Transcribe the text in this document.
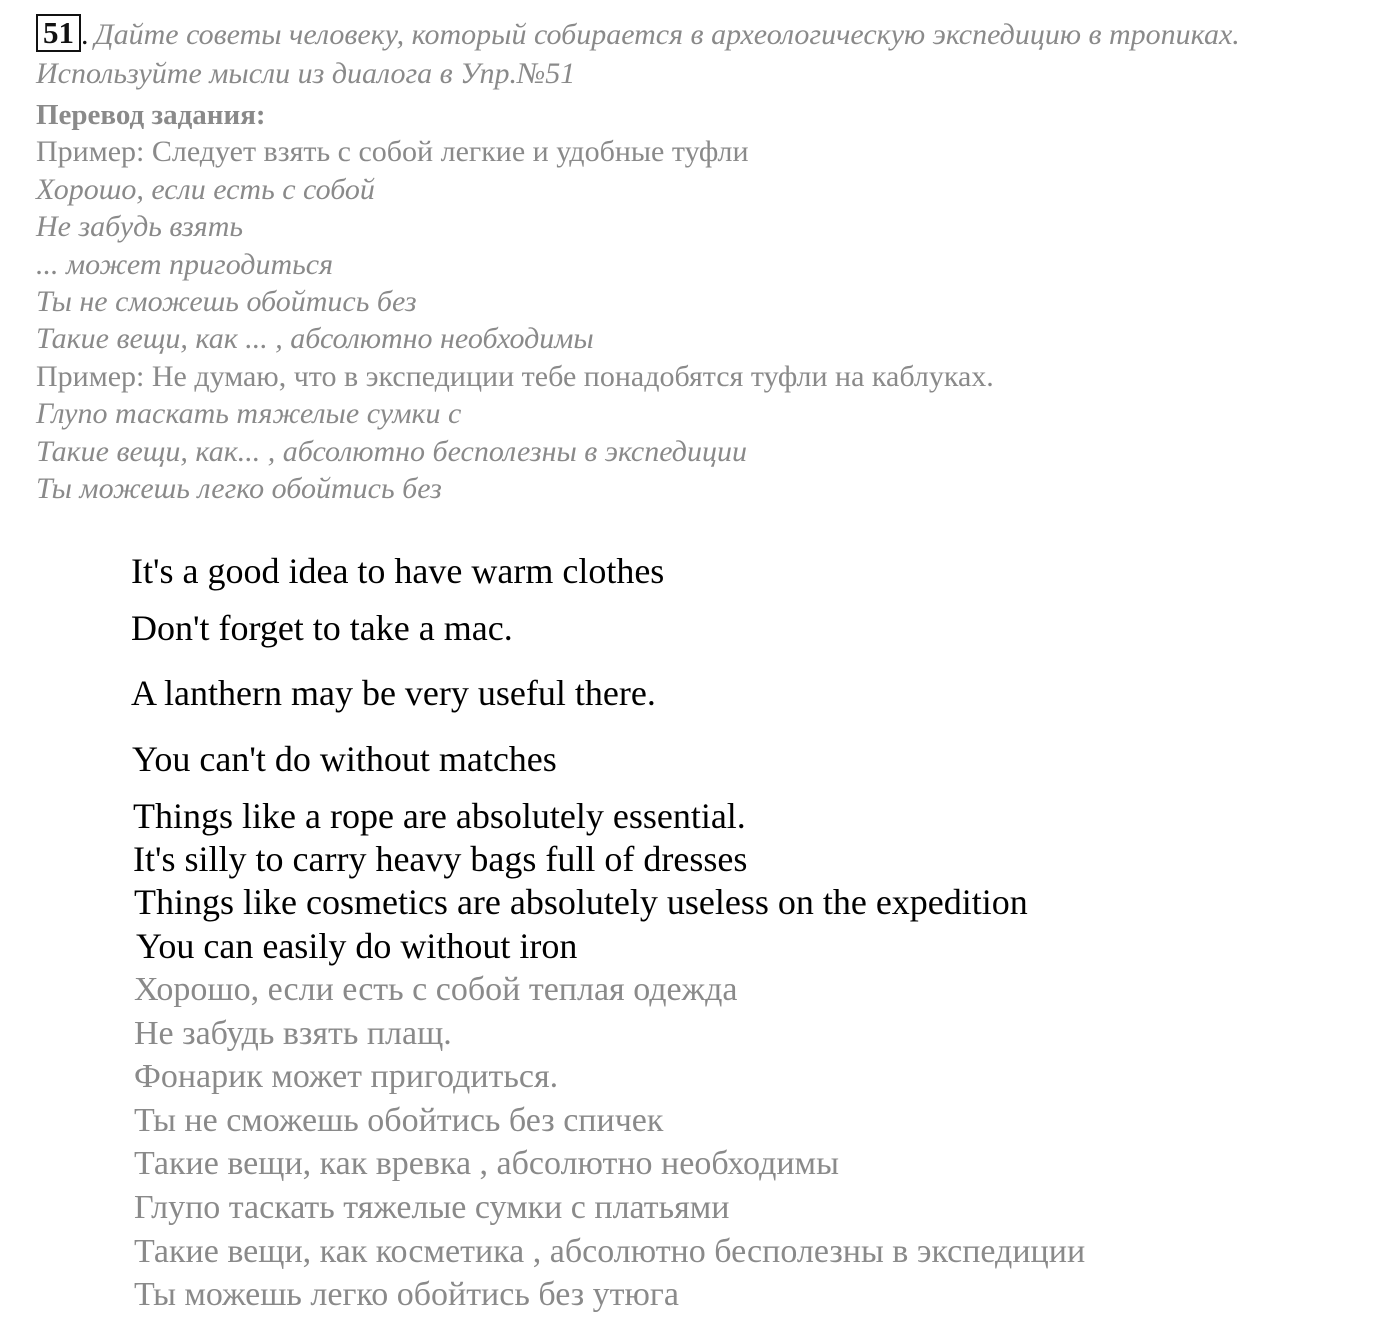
51 . Дайте советы человеку, который собирается в археологическую экспедицию в тропиках. Используйте мысли из диалога в Упр.№51
Перевод задания:
Пример: Следует взять с собой легкие и удобные туфли
Хорошо, если есть с собой
Не забудь взять
... может пригодиться
Ты не сможешь обойтись без
Такие вещи, как ... , абсолютно необходимы
Пример: Не думаю, что в экспедиции тебе понадобятся туфли на каблуках.
Глупо таскать тяжелые сумки с
Такие вещи, как... , абсолютно бесполезны в экспедиции
Ты можешь легко обойтись без
It's a good idea to have warm clothes
Don't forget to take a mac.
A lanthern may be very useful there.
You can't do without matches
Things like a rope are absolutely essential.
It's silly to carry heavy bags full of dresses
Things like cosmetics are absolutely useless on the expedition
You can easily do without iron
Хорошо, если есть с собой теплая одежда
Не забудь взять плащ.
Фонарик может пригодиться.
Ты не сможешь обойтись без спичек
Такие вещи, как вревка , абсолютно необходимы
Глупо таскать тяжелые сумки с платьями
Такие вещи, как косметика , абсолютно бесполезны в экспедиции
Ты можешь легко обойтись без утюга
